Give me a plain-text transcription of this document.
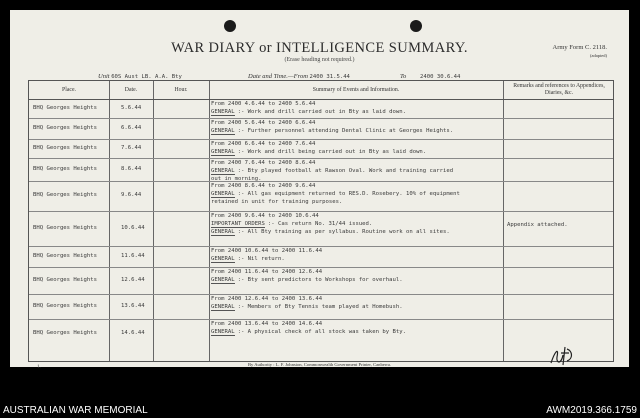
WAR DIARY or INTELLIGENCE SUMMARY.
(Erase heading not required.)
Army Form C. 2118.
(adapted)
Unit 60S Aust LB. A.A. Bty	Date and Time.—From 2400 31.5.44	To 2400 30.6.44
Place.	Date.	Hour.	Summary of Events and Information.
Remarks and references to Appendices, Diaries, &c.
BHQ Georges Heights	5.6.44
From 2400 4.6.44 to 2400 5.6.44
GENERAL :- Work and drill carried out in Bty as laid down.
BHQ Georges Heights	6.6.44
From 2400 5.6.44 to 2400 6.6.44
GENERAL :- Further personnel attending Dental Clinic at Georges Heights.
BHQ Georges Heights	7.6.44
From 2400 6.6.44 to 2400 7.6.44
GENERAL :- Work and drill being carried out in Bty as laid down.
BHQ Georges Heights	8.6.44
From 2400 7.6.44 to 2400 8.6.44
GENERAL :- Bty played football at Rawson Oval. Work and training carried
out in morning.
BHQ Georges Heights	9.6.44
From 2400 8.6.44 to 2400 9.6.44
GENERAL :- All gas equipment returned to RES.D. Rosebery. 10% of equipment
retained in unit for training purposes.
BHQ Georges Heights	10.6.44
From 2400 9.6.44 to 2400 10.6.44
IMPORTANT ORDERS :- Cas return No. 31/44 issued.
GENERAL :- All Bty training as per syllabus. Routine work on all sites.
Appendix attached.
BHQ Georges Heights	11.6.44
From 2400 10.6.44 to 2400 11.6.44
GENERAL :- Nil return.
BHQ Georges Heights	12.6.44
From 2400 11.6.44 to 2400 12.6.44
GENERAL :- Bty sent predictors to Workshops for overhaul.
BHQ Georges Heights	13.6.44
From 2400 12.6.44 to 2400 13.6.44
GENERAL :- Members of Bty Tennis team played at Homebush.
BHQ Georges Heights	14.6.44
From 2400 13.6.44 to 2400 14.6.44
GENERAL :- A physical check of all stock was taken by Bty.
By Authority : L. F. Johnston, Commonwealth Government Printer, Canberra.
1.
AUSTRALIAN WAR MEMORIAL	AWM2019.366.1759
